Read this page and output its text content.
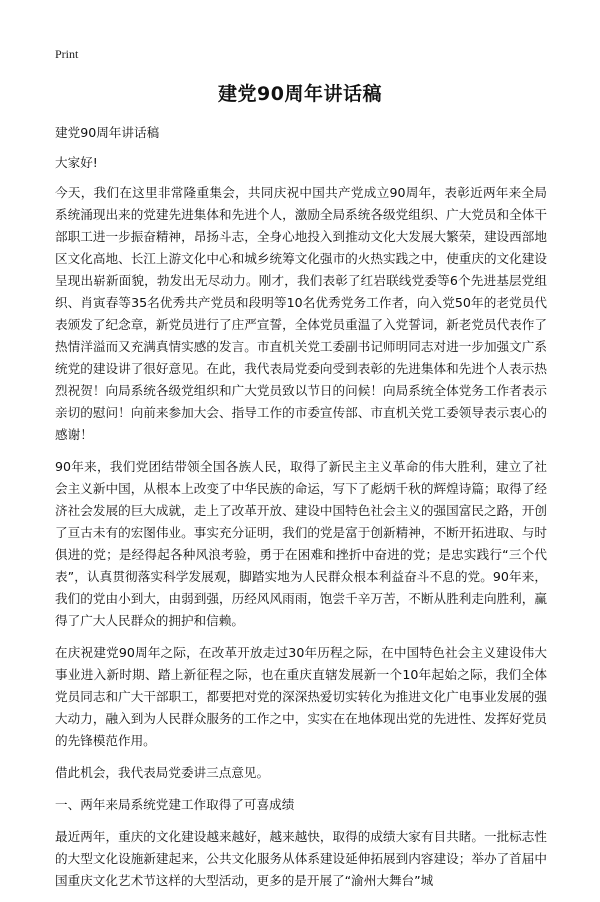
Print
建党90周年讲话稿

建党90周年讲话稿

大家好!

今天，我们在这里非常隆重集会，共同庆祝中国共产党成立90周年，表彰近两年来全局系统涌现出来的党建先进集体和先进个人，激励全局系统各级党组织、广大党员和全体干部职工进一步振奋精神，昂扬斗志，全身心地投入到推动文化大发展大繁荣，建设西部地区文化高地、长江上游文化中心和城乡统筹文化强市的火热实践之中，使重庆的文化建设呈现出崭新面貌，勃发出无尽动力。刚才，我们表彰了红岩联线党委等6个先进基层党组织、肖寅春等35名优秀共产党员和段明等10名优秀党务工作者，向入党50年的老党员代表颁发了纪念章，新党员进行了庄严宣誓，全体党员重温了入党誓词，新老党员代表作了热情洋溢而又充满真情实感的发言。市直机关党工委副书记师明同志对进一步加强文广系统党的建设讲了很好意见。在此，我代表局党委向受到表彰的先进集体和先进个人表示热烈祝贺！向局系统各级党组织和广大党员致以节日的问候！向局系统全体党务工作者表示亲切的慰问！向前来参加大会、指导工作的市委宣传部、市直机关党工委领导表示衷心的感谢！

90年来，我们党团结带领全国各族人民，取得了新民主主义革命的伟大胜利，建立了社会主义新中国，从根本上改变了中华民族的命运，写下了彪炳千秋的辉煌诗篇；取得了经济社会发展的巨大成就，走上了改革开放、建设中国特色社会主义的强国富民之路，开创了亘古未有的宏图伟业。事实充分证明，我们的党是富于创新精神，不断开拓进取、与时俱进的党；是经得起各种风浪考验，勇于在困难和挫折中奋进的党；是忠实践行“三个代表”，认真贯彻落实科学发展观，脚踏实地为人民群众根本利益奋斗不息的党。90年来，我们的党由小到大，由弱到强，历经风风雨雨，饱尝千辛万苦，不断从胜利走向胜利，赢得了广大人民群众的拥护和信赖。

在庆祝建党90周年之际，在改革开放走过30年历程之际，在中国特色社会主义建设伟大事业进入新时期、踏上新征程之际，也在重庆直辖发展新一个10年起始之际，我们全体党员同志和广大干部职工，都要把对党的深深热爱切实转化为推进文化广电事业发展的强大动力，融入到为人民群众服务的工作之中，实实在在地体现出党的先进性、发挥好党员的先锋模范作用。

借此机会，我代表局党委讲三点意见。

一、两年来局系统党建工作取得了可喜成绩

最近两年，重庆的文化建设越来越好，越来越快，取得的成绩大家有目共睹。一批标志性的大型文化设施新建起来，公共文化服务从体系建设延伸拓展到内容建设；举办了首届中国重庆文化艺术节这样的大型活动，更多的是开展了“渝州大舞台”城
